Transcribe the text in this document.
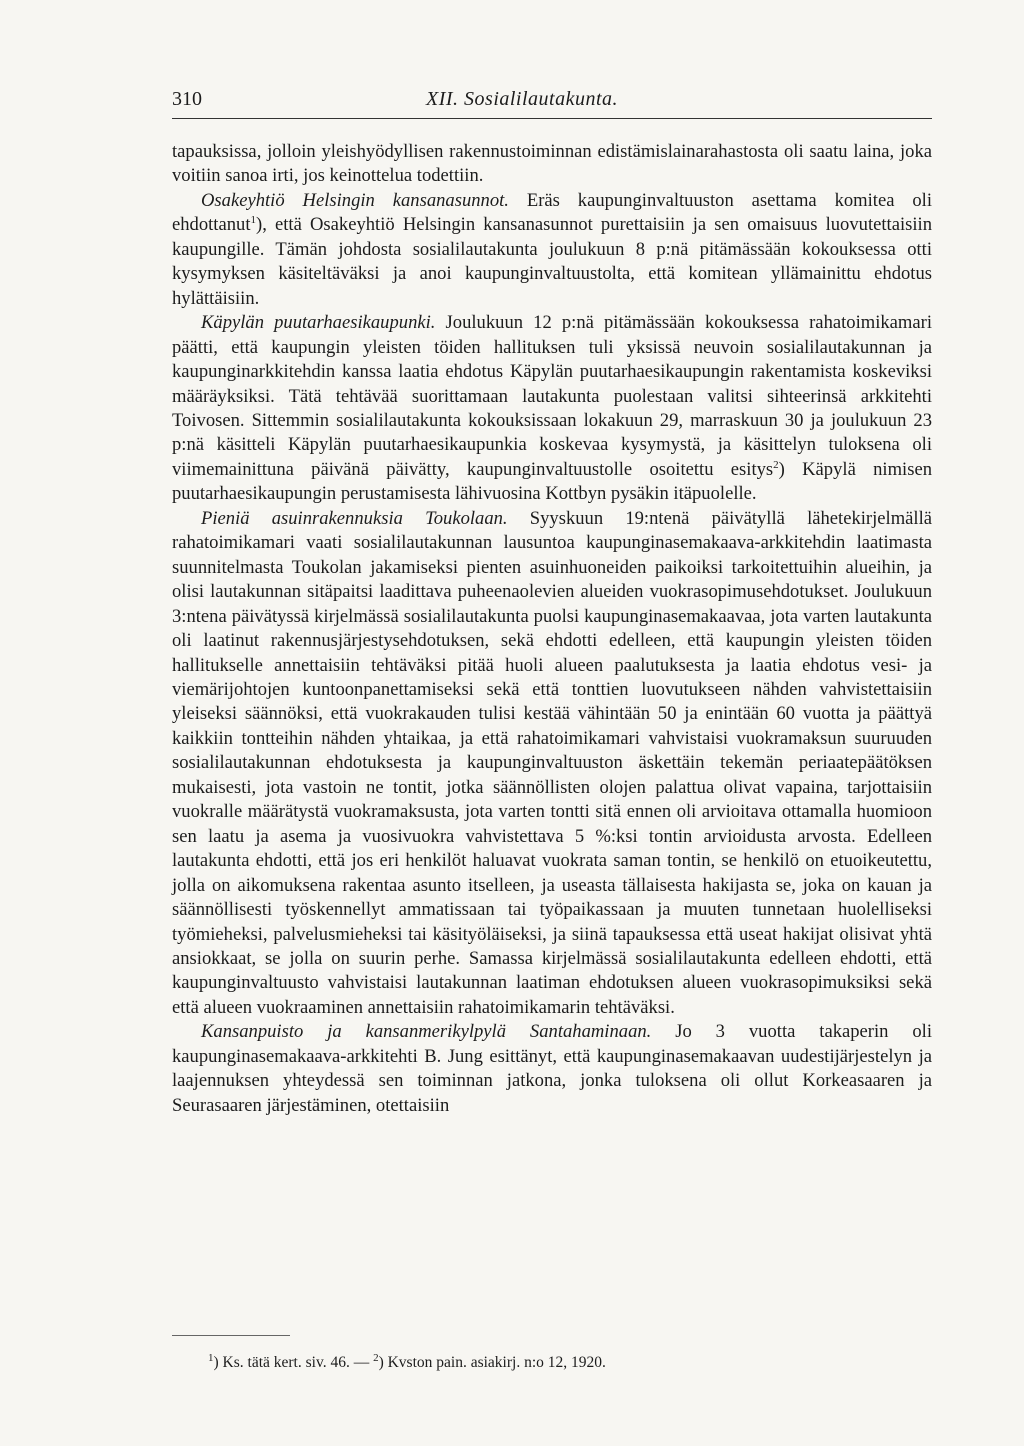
310	XII. Sosialilautakunta.

tapauksissa, jolloin yleishyödyllisen rakennustoiminnan edistämislainarahastosta oli saatu laina, joka voitiin sanoa irti, jos keinottelua todettiin.

Osakeyhtiö Helsingin kansanasunnot. Eräs kaupunginvaltuuston asettama komitea oli ehdottanut$^1$), että Osakeyhtiö Helsingin kansanasunnot purettaisiin ja sen omaisuus luovutettaisiin kaupungille. Tämän johdosta sosialilautakunta joulukuun 8 p:nä pitämässään kokouksessa otti kysymyksen käsiteltäväksi ja anoi kaupunginvaltuustolta, että komitean yllämainittu ehdotus hylättäisiin.

Käpylän puutarhaesikaupunki. Joulukuun 12 p:nä pitämässään kokouksessa rahatoimikamari päätti, että kaupungin yleisten töiden hallituksen tuli yksissä neuvoin sosialilautakunnan ja kaupunginarkkitehdin kanssa laatia ehdotus Käpylän puutarhaesikaupungin rakentamista koskeviksi määräyksiksi. Tätä tehtävää suorittamaan lautakunta puolestaan valitsi sihteerinsä arkkitehti Toivosen. Sittemmin sosialilautakunta kokouksissaan lokakuun 29, marraskuun 30 ja joulukuun 23 p:nä käsitteli Käpylän puutarhaesikaupunkia koskevaa kysymystä, ja käsittelyn tuloksena oli viimemainittuna päivänä päivätty, kaupunginvaltuustolle osoitettu esitys$^2$) Käpylä nimisen puutarhaesikaupungin perustamisesta lähivuosina Kottbyn pysäkin itäpuolelle.

Pieniä asuinrakennuksia Toukolaan. Syyskuun 19:ntenä päivätyllä lähetekirjelmällä rahatoimikamari vaati sosialilautakunnan lausuntoa kaupunginasemakaava-arkkitehdin laatimasta suunnitelmasta Toukolan jakamiseksi pienten asuinhuoneiden paikoiksi tarkoitettuihin alueihin, ja olisi lautakunnan sitäpaitsi laadittava puheenaolevien alueiden vuokrasopimusehdotukset. Joulukuun 3:ntena päivätyssä kirjelmässä sosialilautakunta puolsi kaupunginasemakaavaa, jota varten lautakunta oli laatinut rakennusjärjestysehdotuksen, sekä ehdotti edelleen, että kaupungin yleisten töiden hallitukselle annettaisiin tehtäväksi pitää huoli alueen paalutuksesta ja laatia ehdotus vesi- ja viemärijohtojen kuntoonpanettamiseksi sekä että tonttien luovutukseen nähden vahvistettaisiin yleiseksi säännöksi, että vuokrakauden tulisi kestää vähintään 50 ja enintään 60 vuotta ja päättyä kaikkiin tontteihin nähden yhtaikaa, ja että rahatoimikamari vahvistaisi vuokramaksun suuruuden sosialilautakunnan ehdotuksesta ja kaupunginvaltuuston äskettäin tekemän periaatepäätöksen mukaisesti, jota vastoin ne tontit, jotka säännöllisten olojen palattua olivat vapaina, tarjottaisiin vuokralle määrätystä vuokramaksusta, jota varten tontti sitä ennen oli arvioitava ottamalla huomioon sen laatu ja asema ja vuosivuokra vahvistettava 5 %:ksi tontin arvioidusta arvosta. Edelleen lautakunta ehdotti, että jos eri henkilöt haluavat vuokrata saman tontin, se henkilö on etuoikeutettu, jolla on aikomuksena rakentaa asunto itselleen, ja useasta tällaisesta hakijasta se, joka on kauan ja säännöllisesti työskennellyt ammatissaan tai työpaikassaan ja muuten tunnetaan huolelliseksi työmieheksi, palvelusmieheksi tai käsityöläiseksi, ja siinä tapauksessa että useat hakijat olisivat yhtä ansiokkaat, se jolla on suurin perhe. Samassa kirjelmässä sosialilautakunta edelleen ehdotti, että kaupunginvaltuusto vahvistaisi lautakunnan laatiman ehdotuksen alueen vuokrasopimuksiksi sekä että alueen vuokraaminen annettaisiin rahatoimikamarin tehtäväksi.

Kansanpuisto ja kansanmerikylpylä Santahaminaan. Jo 3 vuotta takaperin oli kaupunginasemakaava-arkkitehti B. Jung esittänyt, että kaupunginasemakaavan uudestijärjestelyn ja laajennuksen yhteydessä sen toiminnan jatkona, jonka tuloksena oli ollut Korkeasaaren ja Seurasaaren järjestäminen, otettaisiin

$^1$) Ks. tätä kert. siv. 46. — $^2$) Kvston pain. asiakirj. n:o 12, 1920.
